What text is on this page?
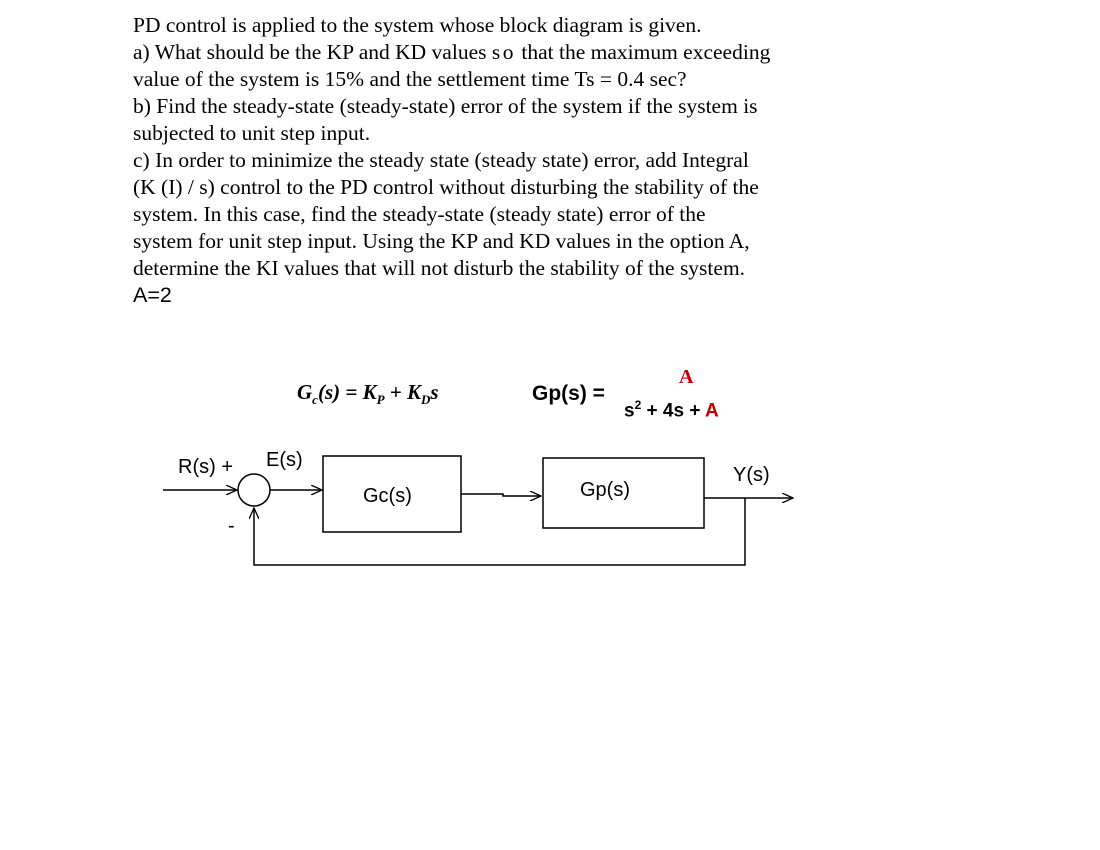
PD control is applied to the system whose block diagram is given.
a) What should be the KP and KD values so that the maximum exceeding
value of the system is 15% and the settlement time Ts = 0.4 sec?
b) Find the steady-state (steady-state) error of the system if the system is
subjected to unit step input.
c) In order to minimize the steady state (steady state) error, add Integral
(K (I) / s) control to the PD control without disturbing the stability of the
system. In this case, find the steady-state (steady state) error of the
system for unit step input. Using the KP and KD values in the option A,
determine the KI values that will not disturb the stability of the system.
A=2
$G_c(s) = K_P + K_Ds$	Gp(s) =
A
$s^2 + 4s + A$
R(s) + E(s)
-
Gc(s)	Gp(s)
Y(s)
